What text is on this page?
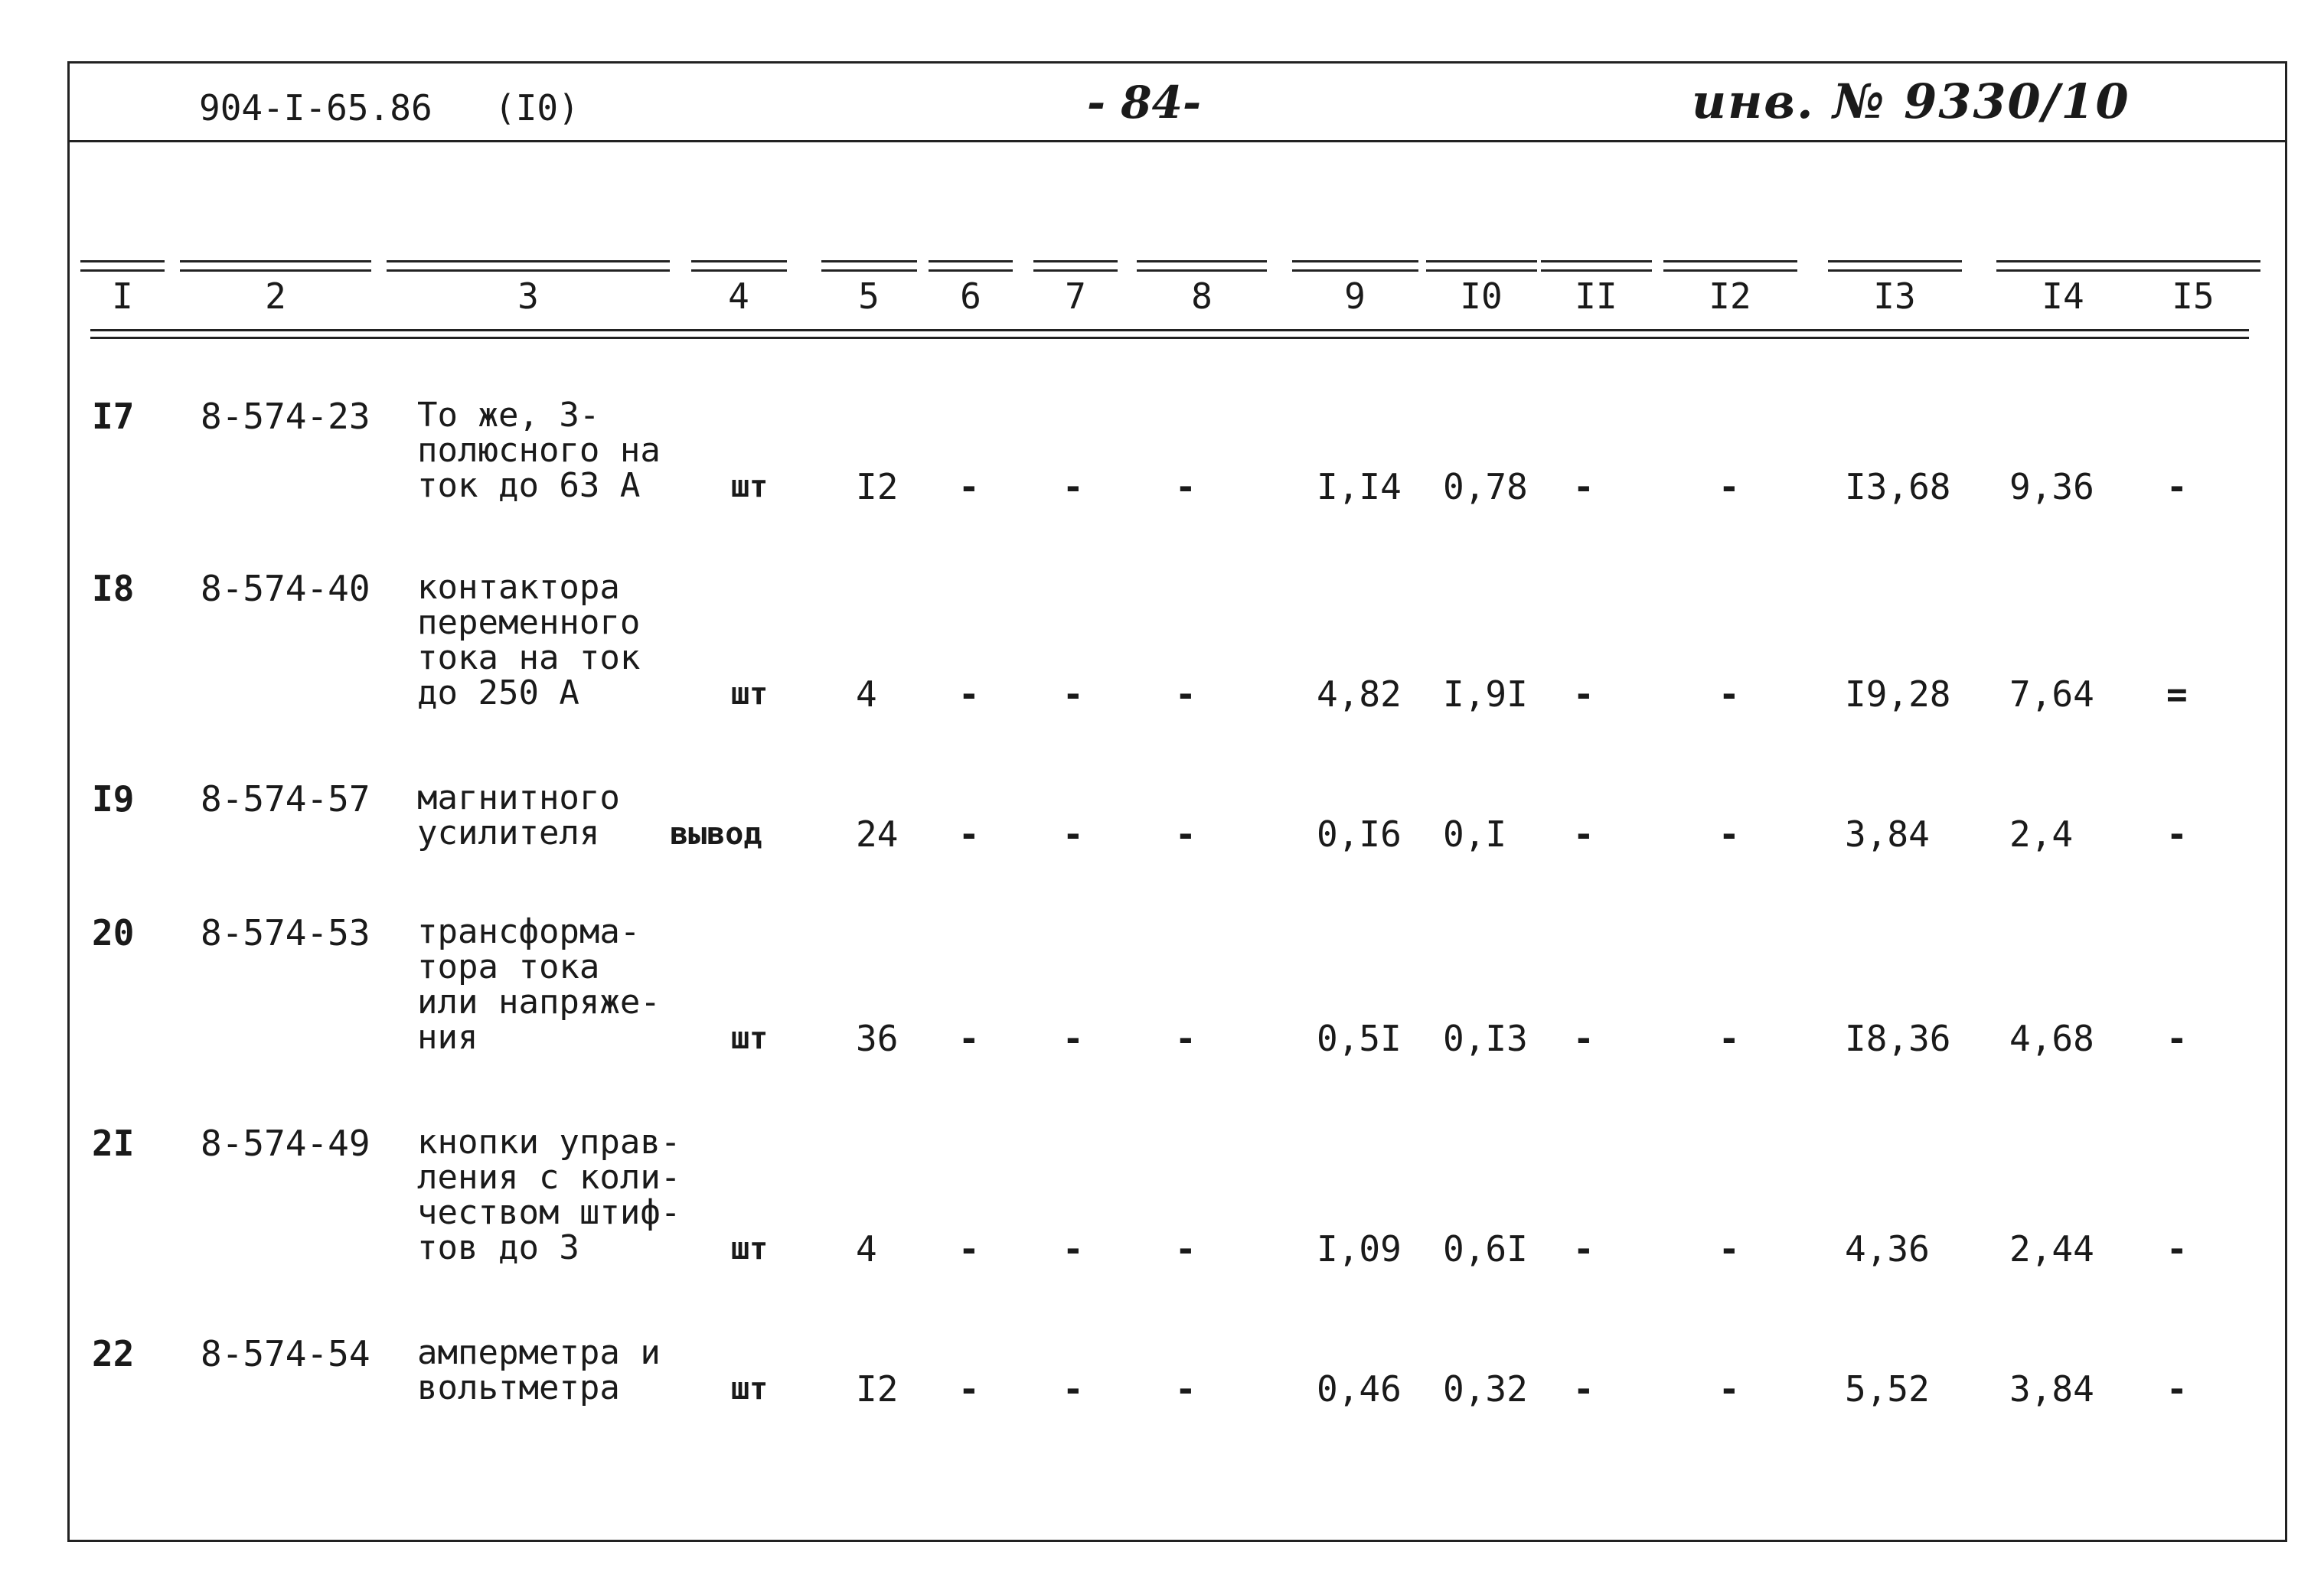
904-I-65.86 (I0)	- 84-	инв. № 9330/10
I	2	3	4	5	6	7	8	9	I0	II	I2	I3	I4	I5
I7 8-574-23 То же, 3-
полюсного на
ток до 63 А	шт I2 - -	-	I,I4 0,78 -	-	I3,68 9,36 -
I8 8-574-40 контактора
переменного
тока на ток
до 250 А	шт 4 - -	-	4,82 I,9I -	-	I9,28 7,64 =
I9 8-574-57 магнитного
усилителя	вывод	24 - -	-	0,I6 0,I -	-	3,84 2,4	-
20 8-574-53 трансформа-
тора тока
или напряже-
ния	шт 36 - -	-	0,5I 0,I3 -	-	I8,36 4,68 -
2I 8-574-49 кнопки управ-
ления с коли-
чеством штиф-
тов до 3	шт 4 - -	-	I,09 0,6I -	-	4,36 2,44 -
22 8-574-54 амперметра и
вольтметра	шт I2 - -	-	0,46 0,32 -	-	5,52 3,84 -
